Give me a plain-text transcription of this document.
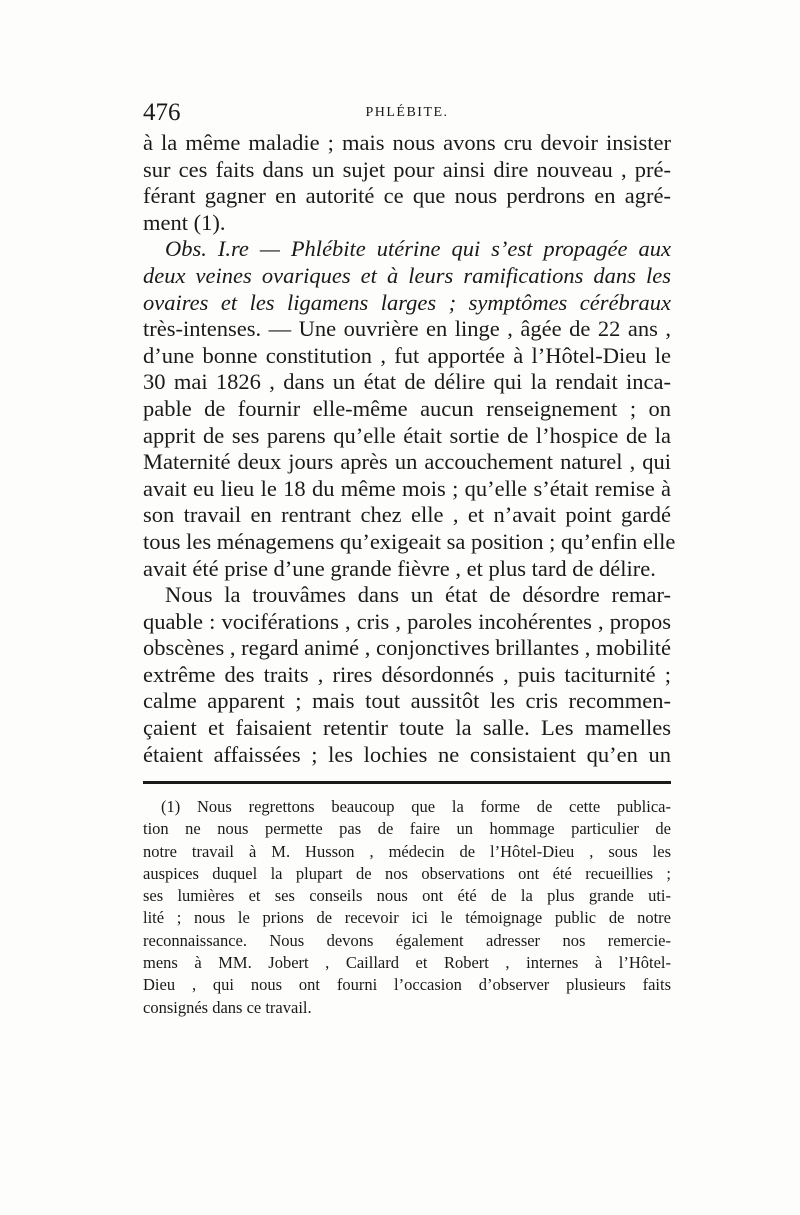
476	PHLÉBITE.
à la même maladie ; mais nous avons cru devoir insister
sur ces faits dans un sujet pour ainsi dire nouveau , pré-
férant gagner en autorité ce que nous perdrons en agré-
ment (1).
Obs. I.re — Phlébite utérine qui s’est propagée aux
deux veines ovariques et à leurs ramifications dans les
ovaires et les ligamens larges ; symptômes cérébraux
très-intenses. — Une ouvrière en linge , âgée de 22 ans ,
d’une bonne constitution , fut apportée à l’Hôtel-Dieu le
30 mai 1826 , dans un état de délire qui la rendait inca-
pable de fournir elle-même aucun renseignement ; on
apprit de ses parens qu’elle était sortie de l’hospice de la
Maternité deux jours après un accouchement naturel , qui
avait eu lieu le 18 du même mois ; qu’elle s’était remise à
son travail en rentrant chez elle , et n’avait point gardé
tous les ménagemens qu’exigeait sa position ; qu’enfin elle
avait été prise d’une grande fièvre , et plus tard de délire.
Nous la trouvâmes dans un état de désordre remar-
quable : vociférations , cris , paroles incohérentes , propos
obscènes , regard animé , conjonctives brillantes , mobilité
extrême des traits , rires désordonnés , puis taciturnité ;
calme apparent ; mais tout aussitôt les cris recommen-
çaient et faisaient retentir toute la salle. Les mamelles
étaient affaissées ; les lochies ne consistaient qu’en un
(1) Nous regrettons beaucoup que la forme de cette publica-
tion ne nous permette pas de faire un hommage particulier de
notre travail à M. Husson , médecin de l’Hôtel-Dieu , sous les
auspices duquel la plupart de nos observations ont été recueillies ;
ses lumières et ses conseils nous ont été de la plus grande uti-
lité ; nous le prions de recevoir ici le témoignage public de notre
reconnaissance. Nous devons également adresser nos remercie-
mens à MM. Jobert , Caillard et Robert , internes à l’Hôtel-
Dieu , qui nous ont fourni l’occasion d’observer plusieurs faits
consignés dans ce travail.
